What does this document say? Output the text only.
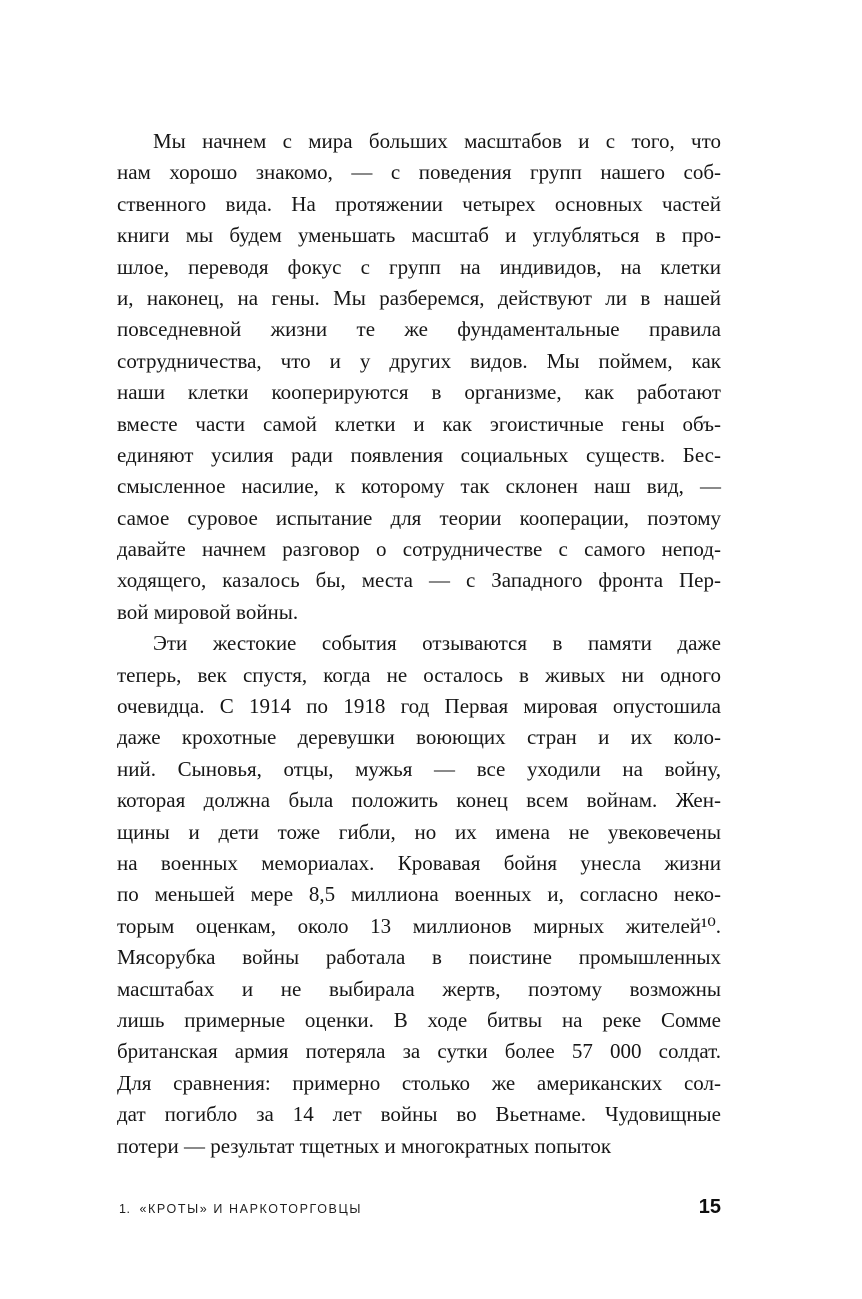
Мы начнем с мира больших масштабов и с того, что
нам хорошо знакомо, — с поведения групп нашего соб-
ственного вида. На протяжении четырех основных частей
книги мы будем уменьшать масштаб и углубляться в про-
шлое, переводя фокус с групп на индивидов, на клетки
и, наконец, на гены. Мы разберемся, действуют ли в нашей
повседневной жизни те же фундаментальные правила
сотрудничества, что и у других видов. Мы поймем, как
наши клетки кооперируются в организме, как работают
вместе части самой клетки и как эгоистичные гены объ-
единяют усилия ради появления социальных существ. Бес-
смысленное насилие, к которому так склонен наш вид, —
самое суровое испытание для теории кооперации, поэтому
давайте начнем разговор о сотрудничестве с самого непод-
ходящего, казалось бы, места — с Западного фронта Пер-
вой мировой войны.
Эти жестокие события отзываются в памяти даже
теперь, век спустя, когда не осталось в живых ни одного
очевидца. С 1914 по 1918 год Первая мировая опустошила
даже крохотные деревушки воюющих стран и их коло-
ний. Сыновья, отцы, мужья — все уходили на войну,
которая должна была положить конец всем войнам. Жен-
щины и дети тоже гибли, но их имена не увековечены
на военных мемориалах. Кровавая бойня унесла жизни
по меньшей мере 8,5 миллиона военных и, согласно неко-
торым оценкам, около 13 миллионов мирных жителей¹⁰.
Мясорубка войны работала в поистине промышленных
масштабах и не выбирала жертв, поэтому возможны
лишь примерные оценки. В ходе битвы на реке Сомме
британская армия потеряла за сутки более 57 000 солдат.
Для сравнения: примерно столько же американских сол-
дат погибло за 14 лет войны во Вьетнаме. Чудовищные
потери — результат тщетных и многократных попыток
1. «КРОТЫ» И НАРКОТОРГОВЦЫ	15
